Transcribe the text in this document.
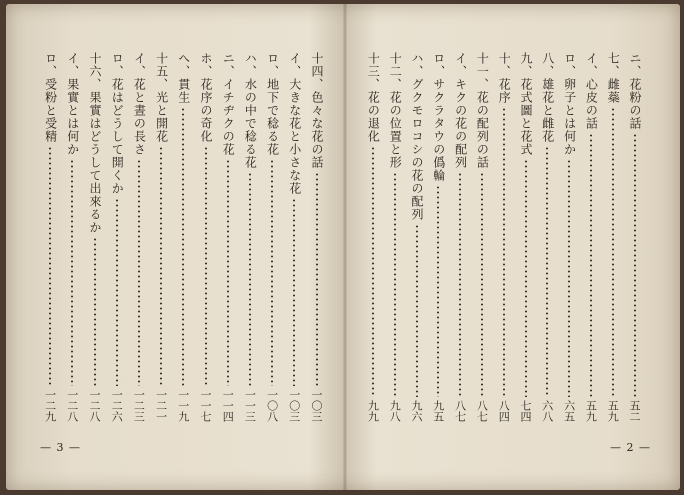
十四、色々な花の話
一〇三
イ、大きな花と小さな花
一〇三
ロ、地下で稔る花
一〇八
ハ、水の中で稔る花
一一三
ニ、イチヂクの花
一一四
ホ、花序の奇化
一一七
へ、貫生
一一九
十五、光と開花
一二一
イ、花と晝の長さ
一二三
ロ、花はどうして開くか
一二六
十六、果實はどうして出來るか
一二八
イ、果實とは何か
一二八
ロ、受粉と受精
一二九
— 3 —
ニ、花粉の話
五二
七、雌蘂
五九
イ、心皮の話
五九
ロ、卵子とは何か
六五
八、雄花と雌花
六八
九、花式圖と花式
七四
十、花序
八四
十一、花の配列の話
八七
イ、キクの花の配列
八七
ロ、サクラタウの僞輪
九五
ハ、グクモロコシの花の配列
九六
十二、花の位置と形
九八
十三、花の退化
九九
— 2 —
